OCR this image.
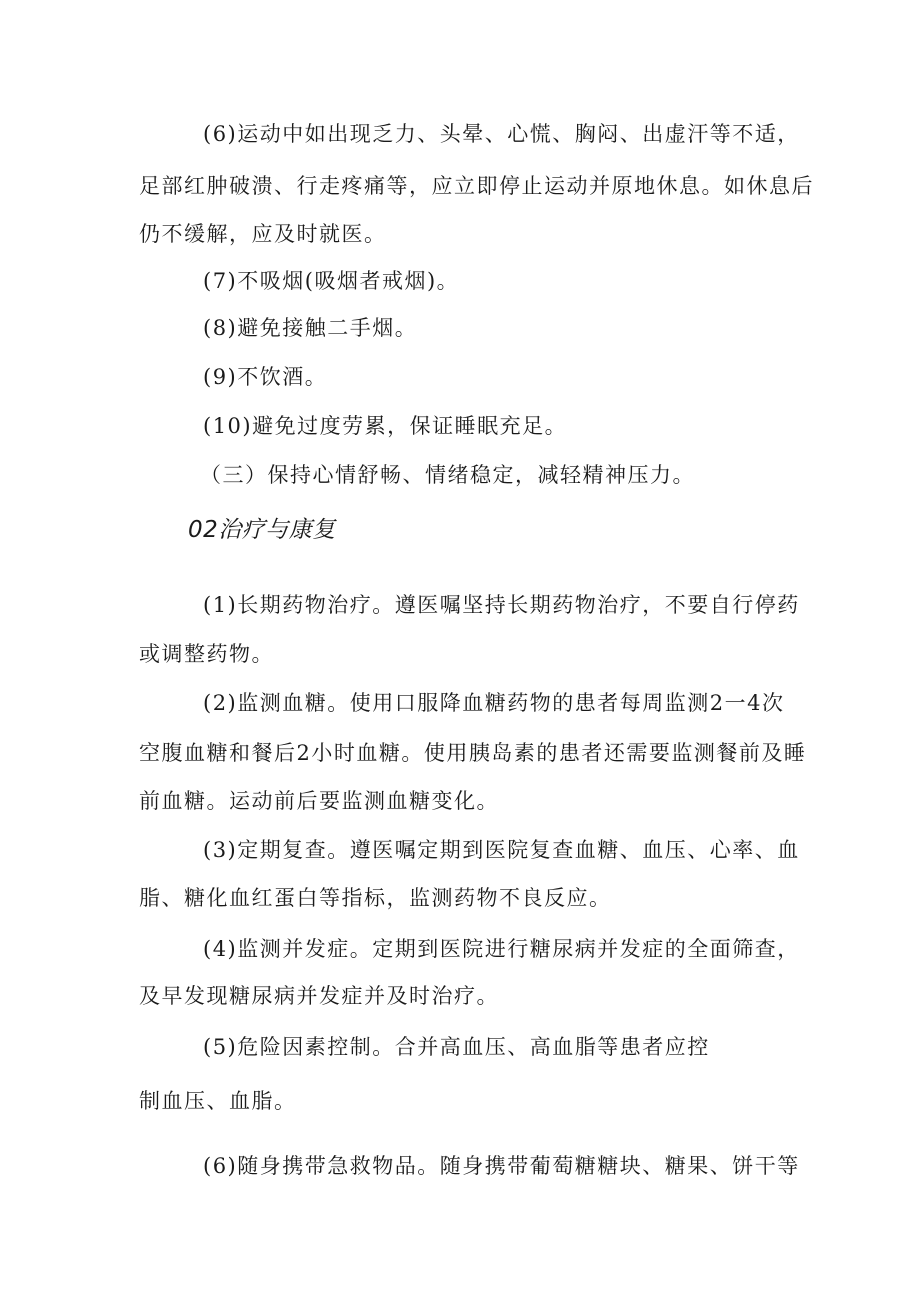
(6)运动中如出现乏力、头晕、心慌、胸闷、出虚汗等不适，
足部红肿破溃、行走疼痛等，应立即停止运动并原地休息。如休息后
仍不缓解，应及时就医。
(7)不吸烟(吸烟者戒烟)。
(8)避免接触二手烟。
(9)不饮酒。
(10)避免过度劳累，保证睡眠充足。
（三）保持心情舒畅、情绪稳定，减轻精神压力。
02治疗与康复
(1)长期药物治疗。遵医嘱坚持长期药物治疗，不要自行停药
或调整药物。
(2)监测血糖。使用口服降血糖药物的患者每周监测2一4次
空腹血糖和餐后2小时血糖。使用胰岛素的患者还需要监测餐前及睡
前血糖。运动前后要监测血糖变化。
(3)定期复查。遵医嘱定期到医院复查血糖、血压、心率、血
脂、糖化血红蛋白等指标，监测药物不良反应。
(4)监测并发症。定期到医院进行糖尿病并发症的全面筛查，
及早发现糖尿病并发症并及时治疗。
(5)危险因素控制。合并高血压、高血脂等患者应控
制血压、血脂。
(6)随身携带急救物品。随身携带葡萄糖糖块、糖果、饼干等
